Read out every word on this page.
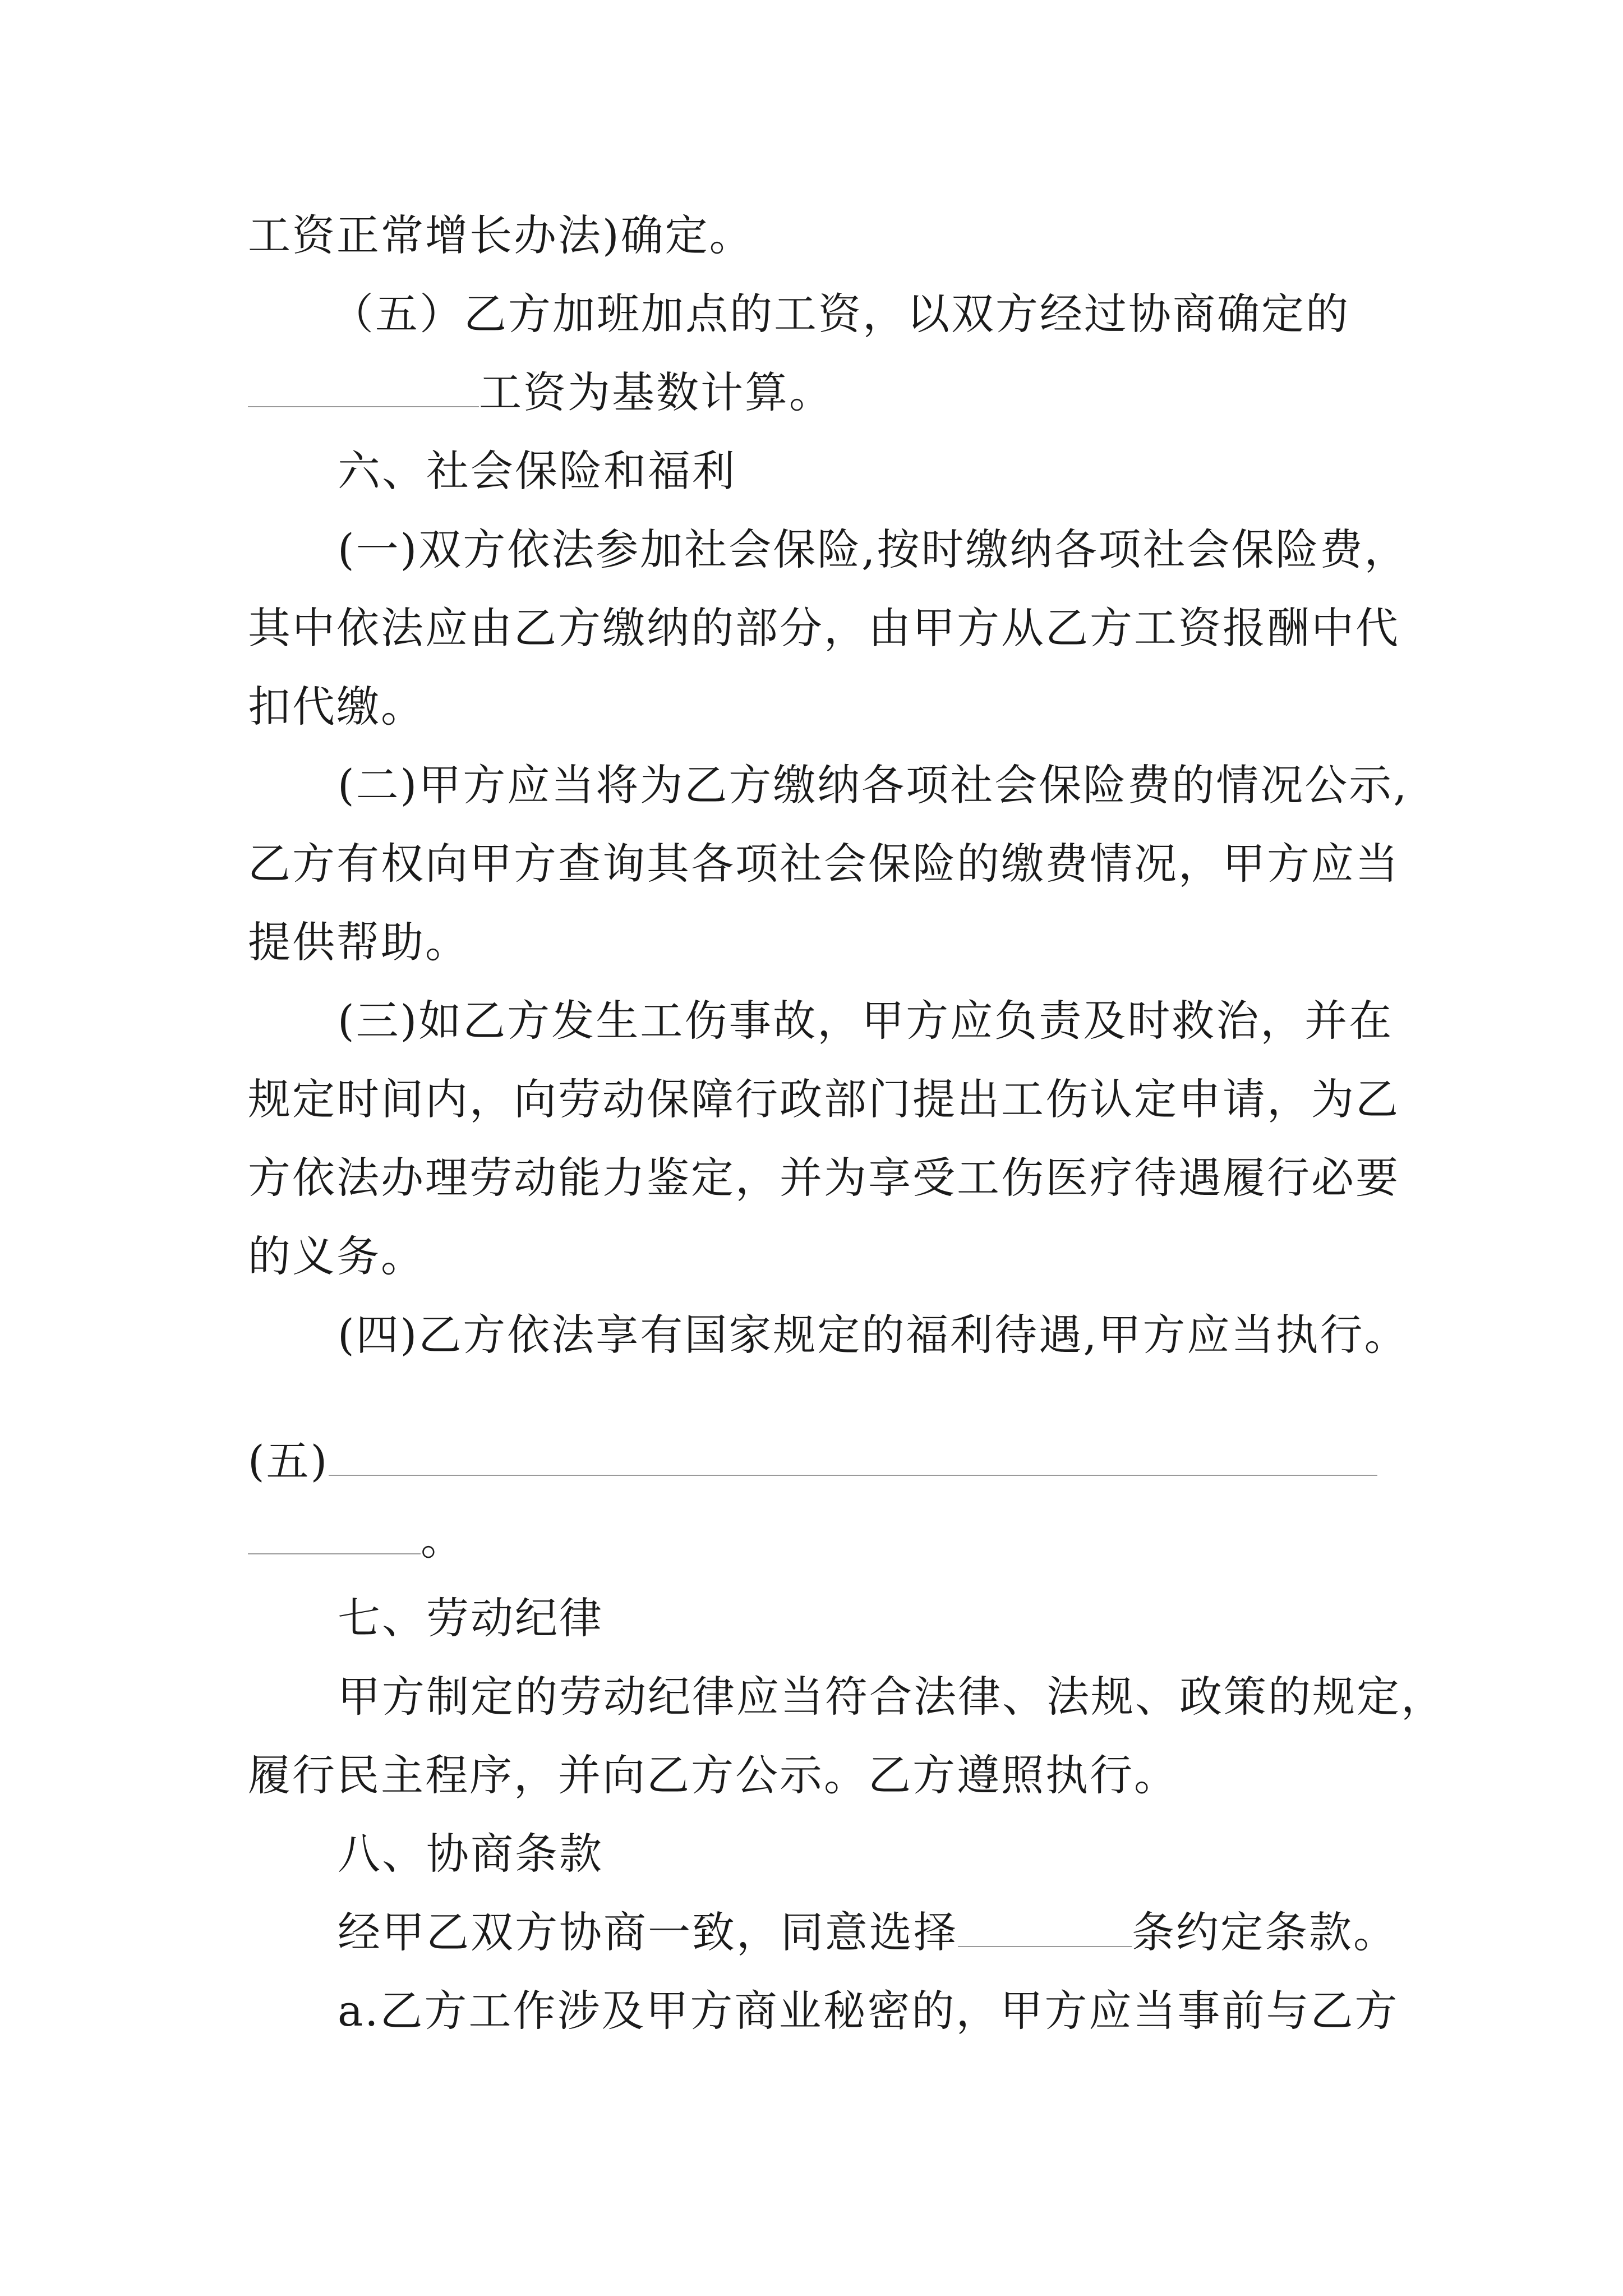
工资正常增长办法)确定。
（五）乙方加班加点的工资，以双方经过协商确定的
工资为基数计算。
六、社会保险和福利
(一)双方依法参加社会保险,按时缴纳各项社会保险费，
其中依法应由乙方缴纳的部分，由甲方从乙方工资报酬中代
扣代缴。
(二)甲方应当将为乙方缴纳各项社会保险费的情况公示,
乙方有权向甲方查询其各项社会保险的缴费情况，甲方应当
提供帮助。
(三)如乙方发生工伤事故，甲方应负责及时救治，并在
规定时间内，向劳动保障行政部门提出工伤认定申请，为乙
方依法办理劳动能力鉴定，并为享受工伤医疗待遇履行必要
的义务。
(四)乙方依法享有国家规定的福利待遇,甲方应当执行。
(五)
。
七、劳动纪律
甲方制定的劳动纪律应当符合法律、法规、政策的规定，
履行民主程序，并向乙方公示。乙方遵照执行。
八、协商条款
经甲乙双方协商一致，同意选择	条约定条款。
a.乙方工作涉及甲方商业秘密的，甲方应当事前与乙方
